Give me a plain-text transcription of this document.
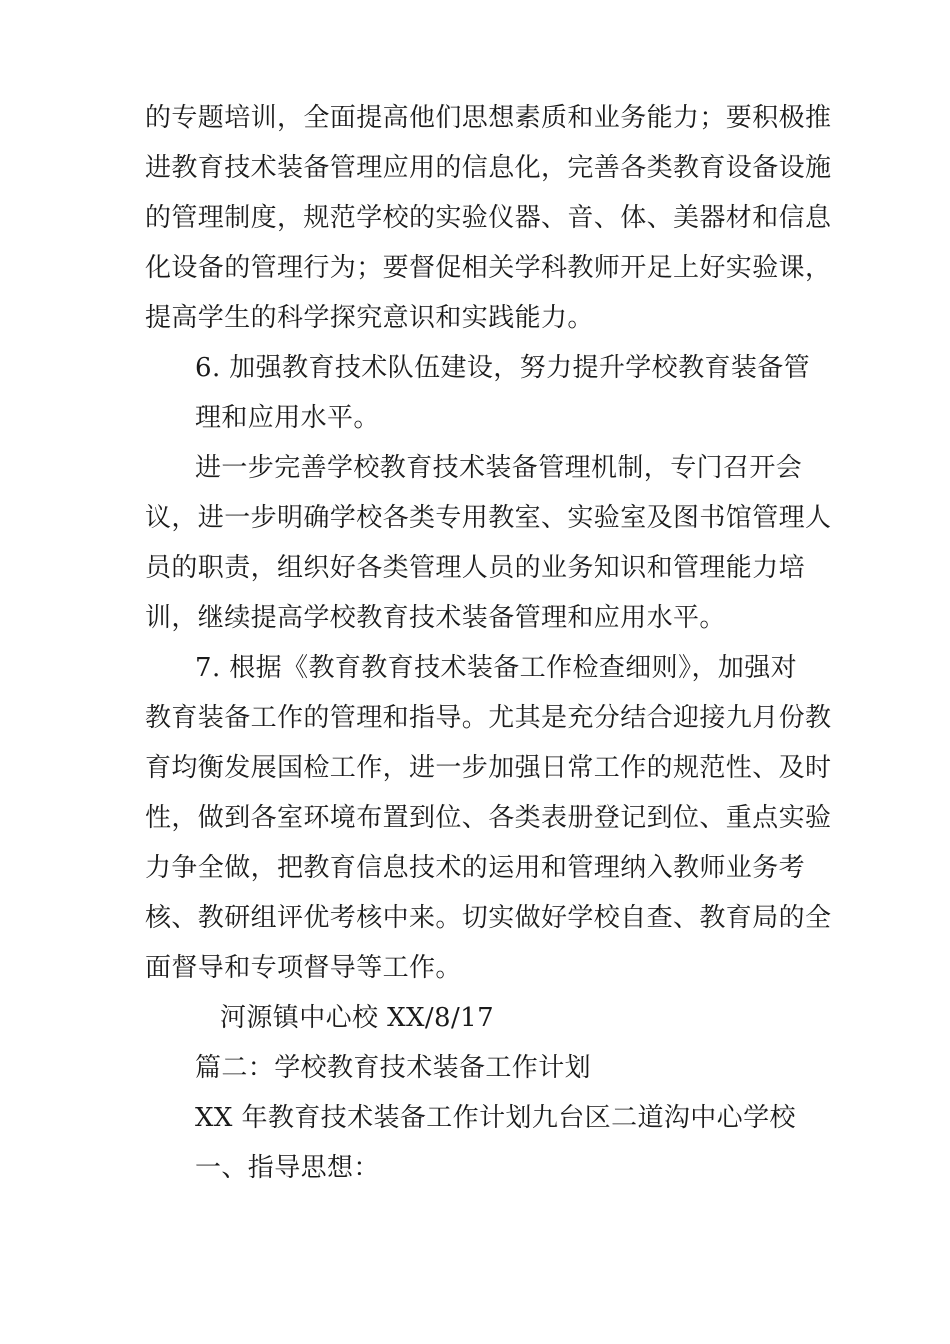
的专题培训，全面提高他们思想素质和业务能力；要积极推
进教育技术装备管理应用的信息化，完善各类教育设备设施
的管理制度，规范学校的实验仪器、音、体、美器材和信息
化设备的管理行为；要督促相关学科教师开足上好实验课，
提高学生的科学探究意识和实践能力。
6. 加强教育技术队伍建设，努力提升学校教育装备管
理和应用水平。
进一步完善学校教育技术装备管理机制，专门召开会
议，进一步明确学校各类专用教室、实验室及图书馆管理人
员的职责，组织好各类管理人员的业务知识和管理能力培
训，继续提高学校教育技术装备管理和应用水平。
7. 根据《教育教育技术装备工作检查细则》，加强对
教育装备工作的管理和指导。尤其是充分结合迎接九月份教
育均衡发展国检工作，进一步加强日常工作的规范性、及时
性，做到各室环境布置到位、各类表册登记到位、重点实验
力争全做，把教育信息技术的运用和管理纳入教师业务考
核、教研组评优考核中来。切实做好学校自查、教育局的全
面督导和专项督导等工作。
河源镇中心校 XX/8/17
篇二：学校教育技术装备工作计划
XX 年教育技术装备工作计划九台区二道沟中心学校
一、指导思想：
